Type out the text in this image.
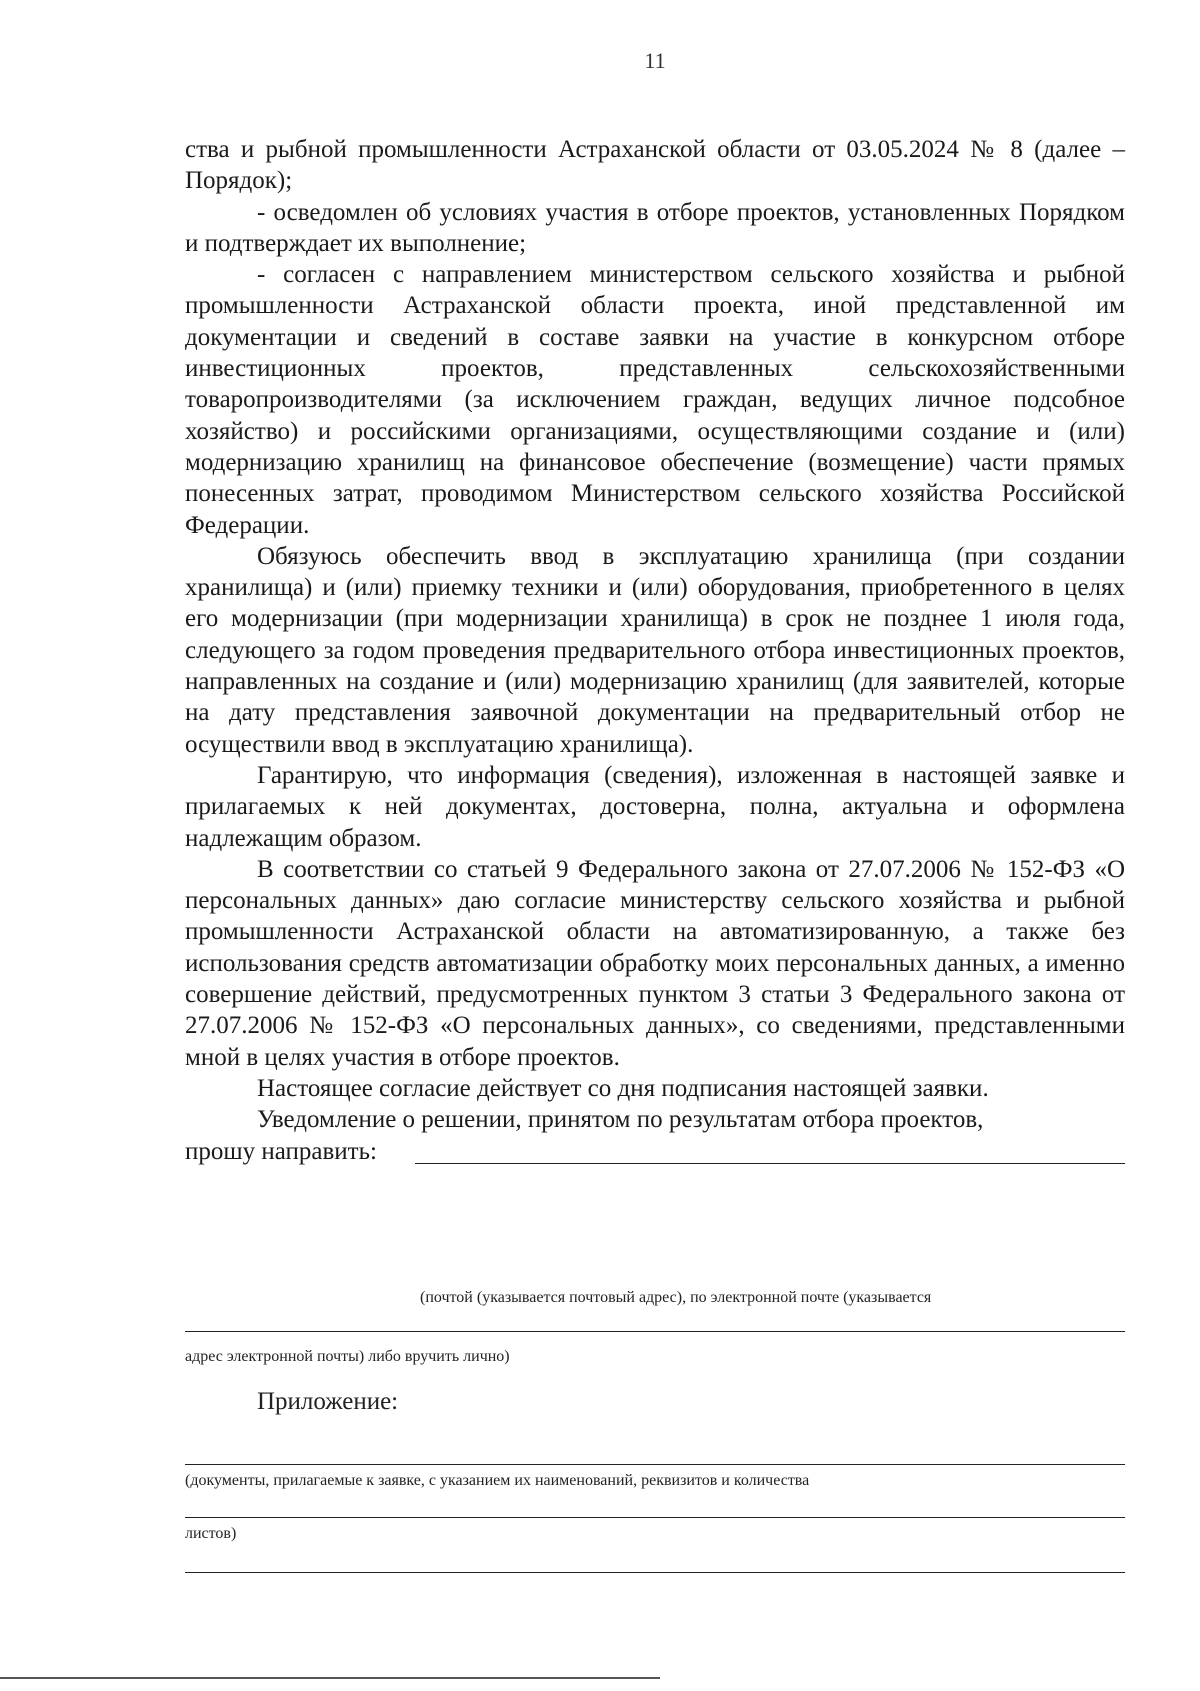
11

ства и рыбной промышленности Астраханской области от 03.05.2024 № 8 (далее – Порядок);

- осведомлен об условиях участия в отборе проектов, установленных Порядком и подтверждает их выполнение;

- согласен с направлением министерством сельского хозяйства и рыбной промышленности Астраханской области проекта, иной представленной им документации и сведений в составе заявки на участие в конкурсном отборе инвестиционных проектов, представленных сельскохозяйственными товаропроизводителями (за исключением граждан, ведущих личное подсобное хозяйство) и российскими организациями, осуществляющими создание и (или) модернизацию хранилищ на финансовое обеспечение (возмещение) части прямых понесенных затрат, проводимом Министерством сельского хозяйства Российской Федерации.

Обязуюсь обеспечить ввод в эксплуатацию хранилища (при создании хранилища) и (или) приемку техники и (или) оборудования, приобретенного в целях его модернизации (при модернизации хранилища) в срок не позднее 1 июля года, следующего за годом проведения предварительного отбора инвестиционных проектов, направленных на создание и (или) модернизацию хранилищ (для заявителей, которые на дату представления заявочной документации на предварительный отбор не осуществили ввод в эксплуатацию хранилища).

Гарантирую, что информация (сведения), изложенная в настоящей заявке и прилагаемых к ней документах, достоверна, полна, актуальна и оформлена надлежащим образом.

В соответствии со статьей 9 Федерального закона от 27.07.2006 № 152-ФЗ «О персональных данных» даю согласие министерству сельского хозяйства и рыбной промышленности Астраханской области на автоматизированную, а также без использования средств автоматизации обработку моих персональных данных, а именно совершение действий, предусмотренных пунктом 3 статьи 3 Федерального закона от 27.07.2006 № 152-ФЗ «О персональных данных», со сведениями, представленными мной в целях участия в отборе проектов.

Настоящее согласие действует со дня подписания настоящей заявки.

Уведомление о решении, принятом по результатам отбора проектов,

прошу направить:
(почтой (указывается почтовый адрес), по электронной почте (указывается
адрес электронной почты) либо вручить лично)
Приложение:
(документы, прилагаемые к заявке, с указанием их наименований, реквизитов и количества
листов)
